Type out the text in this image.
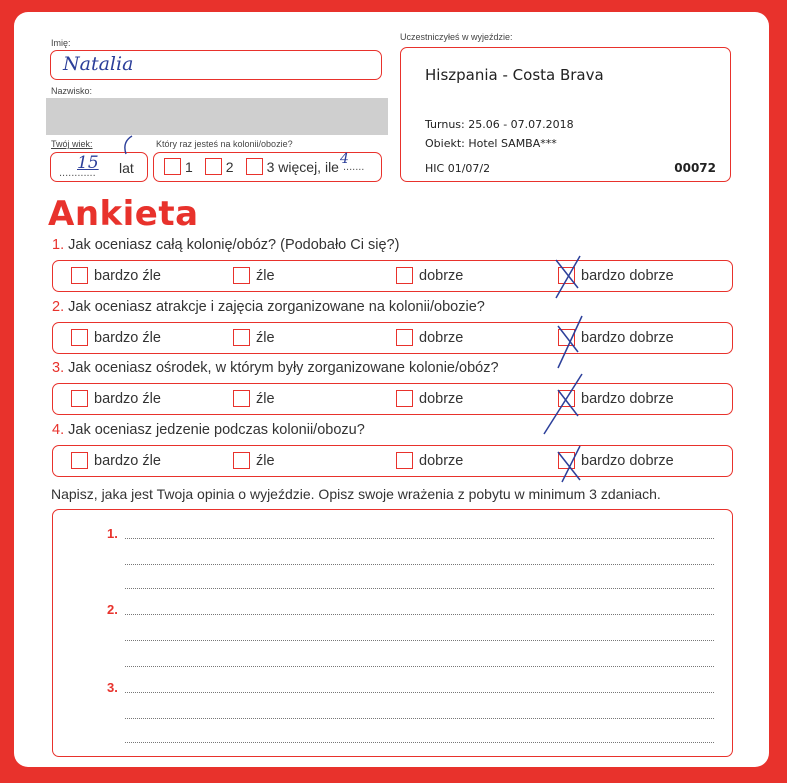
Imię:
Natalia
Nazwisko:
Twój wiek:
............
15 lat
Który raz jesteś na kolonii/obozie?
1 2 3 więcej, ile .......
4
Uczestniczyłeś w wyjeździe:
Hiszpania - Costa Brava
Turnus: 25.06 - 07.07.2018
Obiekt: Hotel SAMBA***
HIC 01/07/2	00072
Ankieta
1. Jak oceniasz całą kolonię/obóz? (Podobało Ci się?)
bardzo źle	źle	dobrze	bardzo dobrze
2. Jak oceniasz atrakcje i zajęcia zorganizowane na kolonii/obozie?
bardzo źle	źle	dobrze	bardzo dobrze
3. Jak oceniasz ośrodek, w którym były zorganizowane kolonie/obóz?
bardzo źle	źle	dobrze	bardzo dobrze
4. Jak oceniasz jedzenie podczas kolonii/obozu?
bardzo źle	źle	dobrze	bardzo dobrze
Napisz, jaka jest Twoja opinia o wyjeździe. Opisz swoje wrażenia z pobytu w minimum 3 zdaniach.
1.
2.
3.
